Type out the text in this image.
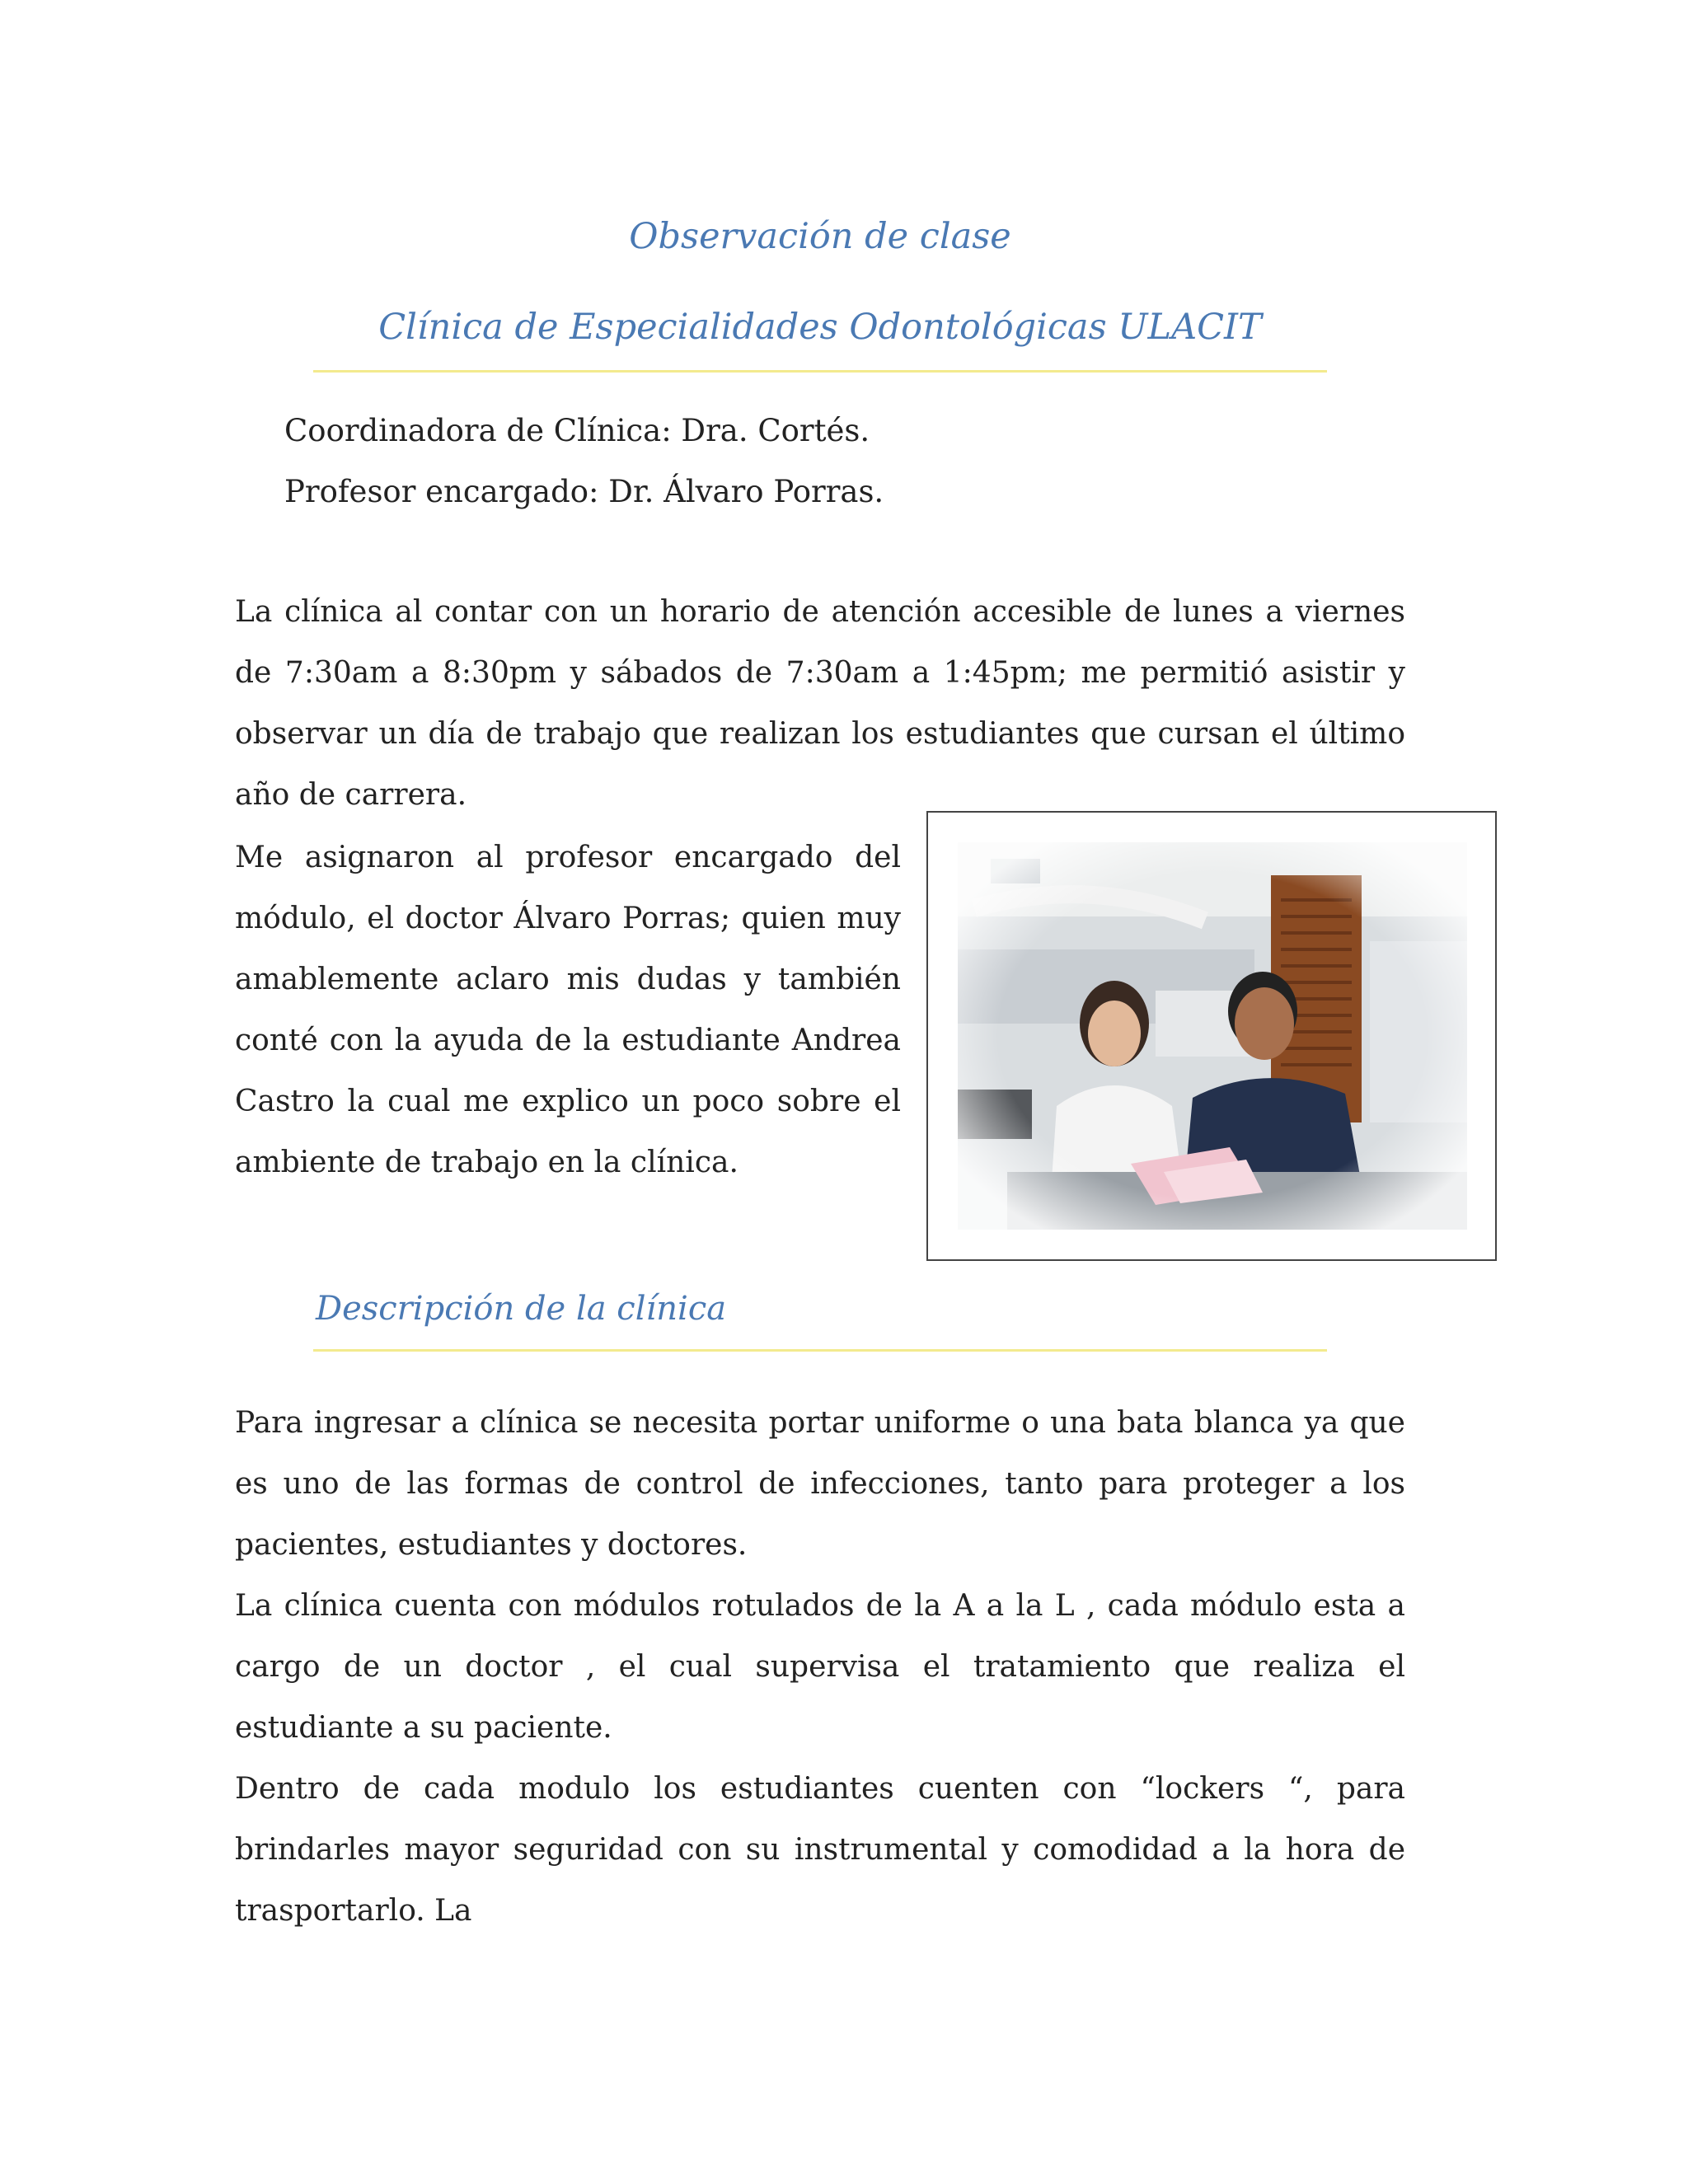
Observación de clase
Clínica de Especialidades Odontológicas ULACIT
Coordinadora de Clínica: Dra. Cortés.
Profesor encargado: Dr. Álvaro Porras.

La clínica al contar con un horario de atención accesible de lunes a viernes de 7:30am a 8:30pm y sábados de 7:30am a 1:45pm; me permitió asistir y observar un día de trabajo que realizan los estudiantes que cursan el último año de carrera.

Me asignaron al profesor encargado del módulo, el doctor Álvaro Porras; quien muy amablemente aclaro mis dudas y también conté con la ayuda de la estudiante Andrea Castro la cual me explico un poco sobre el ambiente de trabajo en la clínica.

Descripción de la clínica

Para ingresar a clínica se necesita portar uniforme o una bata blanca ya que es uno de las formas de control de infecciones, tanto para proteger a los pacientes, estudiantes y doctores.

La clínica cuenta con módulos rotulados de la A a la L , cada módulo esta a cargo de un doctor , el cual supervisa el tratamiento que realiza el estudiante a su paciente.

Dentro de cada modulo los estudiantes cuenten con “lockers “, para brindarles mayor seguridad con su instrumental y comodidad a la hora de trasportarlo. La
